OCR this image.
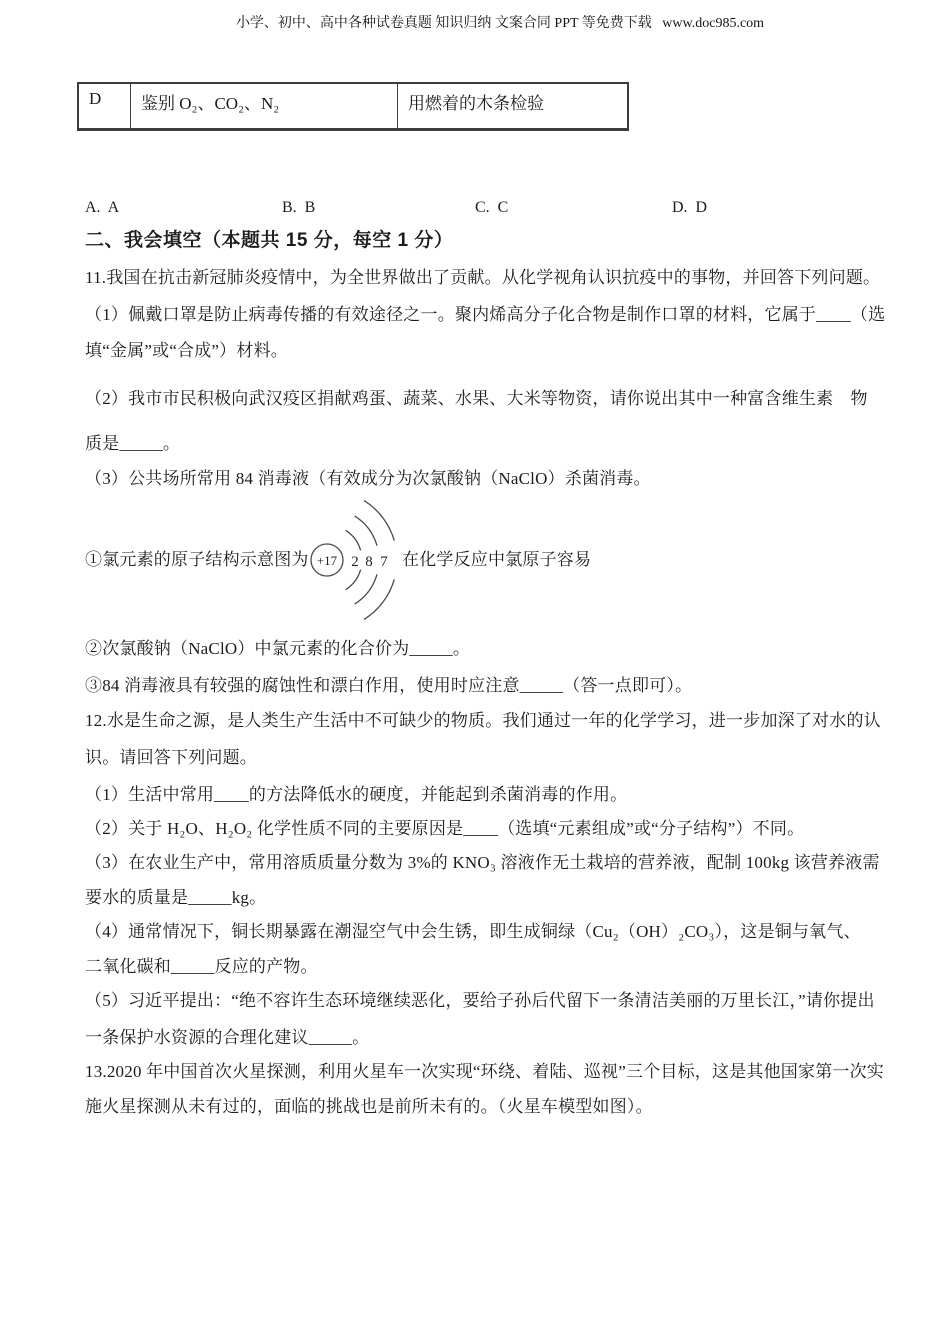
小学、初中、高中各种试卷真题 知识归纳 文案合同 PPT 等免费下载   www.doc985.com
D	鉴别 O₂、CO₂、N₂	用燃着的木条检验
A.  A	B.  B	C.  C	D.  D
二、我会填空（本题共 15 分，每空 1 分）
11.我国在抗击新冠肺炎疫情中，为全世界做出了贡献。从化学视角认识抗疫中的事物，并回答下列问题。
（1）佩戴口罩是防止病毒传播的有效途径之一。聚内烯高分子化合物是制作口罩的材料，它属于____（选
填“金属”或“合成”）材料。
（2）我市市民积极向武汉疫区捐献鸡蛋、蔬菜、水果、大米等物资，请你说出其中一种富含维生素　物
质是_____。
（3）公共场所常用 84 消毒液（有效成分为次氯酸钠（NaClO）杀菌消毒。
①氯元素的原子结构示意图为	在化学反应中氯原子容易
+17 2 8 7
②次氯酸钠（NaClO）中氯元素的化合价为_____。
③84 消毒液具有较强的腐蚀性和漂白作用，使用时应注意_____（答一点即可）。
12.水是生命之源，是人类生产生活中不可缺少的物质。我们通过一年的化学学习，进一步加深了对水的认
识。请回答下列问题。
（1）生活中常用____的方法降低水的硬度，并能起到杀菌消毒的作用。
（2）关于 H₂O、H₂O₂ 化学性质不同的主要原因是____（选填“元素组成”或“分子结构”）不同。
（3）在农业生产中，常用溶质质量分数为 3%的 KNO₃ 溶液作无土栽培的营养液，配制 100kg 该营养液需
要水的质量是_____kg。
（4）通常情况下，铜长期暴露在潮湿空气中会生锈，即生成铜绿（Cu₂（OH）₂CO₃），这是铜与氧气、
二氧化碳和_____反应的产物。
（5）习近平提出：“绝不容许生态环境继续恶化，要给子孙后代留下一条清洁美丽的万里长江，”请你提出
一条保护水资源的合理化建议_____。
13.2020 年中国首次火星探测，利用火星车一次实现“环绕、着陆、巡视”三个目标，这是其他国家第一次实
施火星探测从未有过的，面临的挑战也是前所未有的。（火星车模型如图）。
